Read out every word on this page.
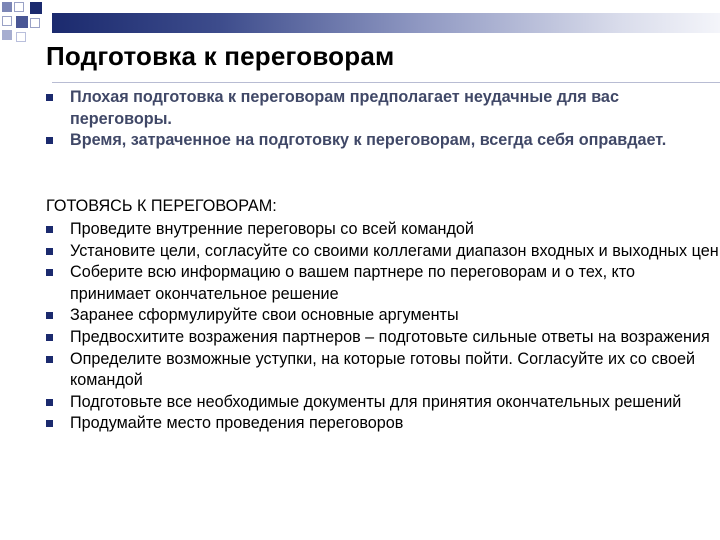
Подготовка к переговорам
Плохая подготовка к переговорам предполагает неудачные для вас переговоры.
Время, затраченное на подготовку к переговорам, всегда себя оправдает.
ГОТОВЯСЬ К ПЕРЕГОВОРАМ:
Проведите внутренние переговоры со всей командой
Установите цели, согласуйте со своими коллегами диапазон входных и выходных цен
Соберите всю информацию о вашем партнере по переговорам и о тех, кто принимает окончательное решение
Заранее сформулируйте свои основные аргументы
Предвосхитите возражения партнеров – подготовьте сильные ответы на возражения
Определите возможные уступки, на которые готовы пойти. Согласуйте их со своей командой
Подготовьте все необходимые документы для принятия окончательных решений
Продумайте место проведения переговоров
